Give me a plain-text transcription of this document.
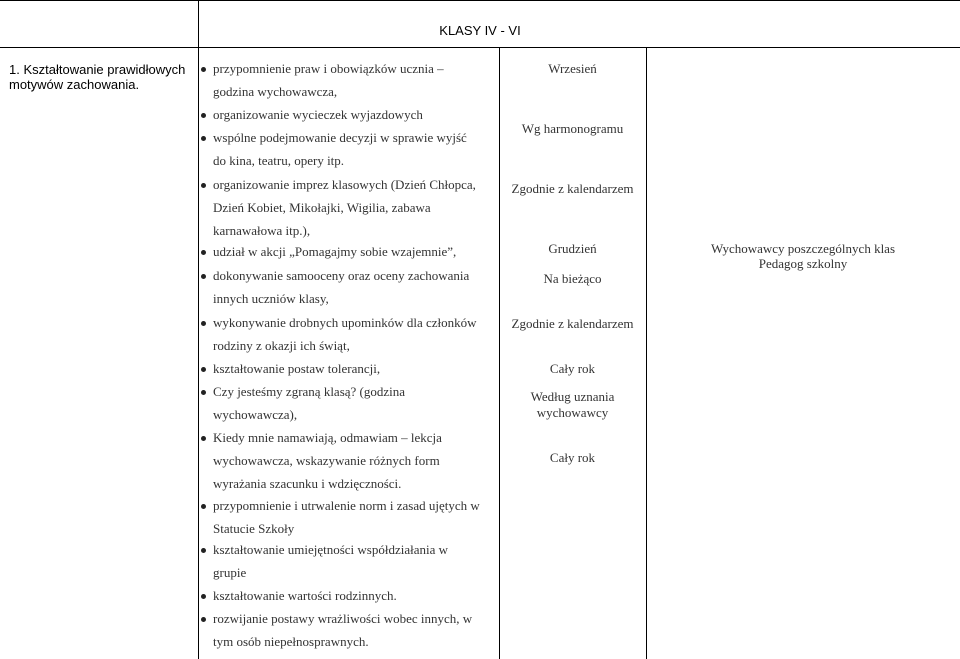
KLASY IV - VI
1. Kształtowanie prawidłowych
motywów zachowania.
przypomnienie praw i obowiązków ucznia –
godzina wychowawcza,
organizowanie wycieczek wyjazdowych
wspólne podejmowanie decyzji w sprawie wyjść
do kina, teatru, opery itp.
organizowanie imprez klasowych (Dzień Chłopca,
Dzień Kobiet, Mikołajki, Wigilia, zabawa
karnawałowa itp.),
udział w akcji „Pomagajmy sobie wzajemnie”,
dokonywanie samooceny oraz oceny zachowania
innych uczniów klasy,
wykonywanie drobnych upominków dla członków
rodziny z okazji ich świąt,
kształtowanie postaw tolerancji,
Czy jesteśmy zgraną klasą? (godzina
wychowawcza),
Kiedy mnie namawiają, odmawiam – lekcja
wychowawcza, wskazywanie różnych form
wyrażania szacunku i wdzięczności.
przypomnienie i utrwalenie norm i zasad ujętych w
Statucie Szkoły
kształtowanie umiejętności współdziałania w
grupie
kształtowanie wartości rodzinnych.
rozwijanie postawy wrażliwości wobec innych, w
tym osób niepełnosprawnych.
Wrzesień
Wg harmonogramu
Zgodnie z kalendarzem
Grudzień
Na bieżąco
Zgodnie z kalendarzem
Cały rok
Według uznania
wychowawcy
Cały rok
Wychowawcy poszczególnych klas
Pedagog szkolny
